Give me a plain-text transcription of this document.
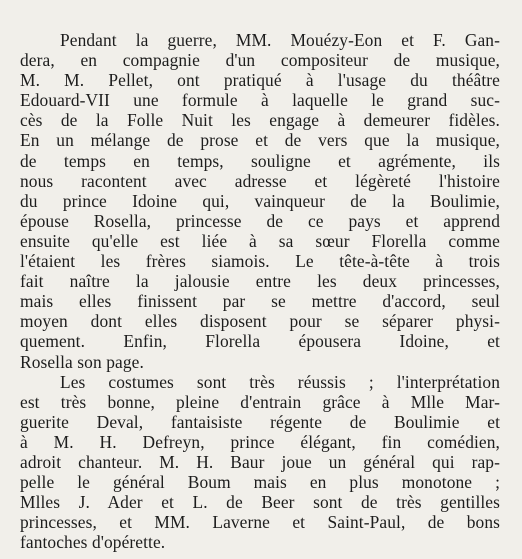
Pendant la guerre, MM. Mouézy-Eon et F. Gan-
dera, en compagnie d'un compositeur de musique,
M. M. Pellet, ont pratiqué à l'usage du théâtre
Edouard-VII une formule à laquelle le grand suc-
cès de la Folle Nuit les engage à demeurer fidèles.
En un mélange de prose et de vers que la musique,
de temps en temps, souligne et agrémente, ils
nous racontent avec adresse et légèreté l'histoire
du prince Idoine qui, vainqueur de la Boulimie,
épouse Rosella, princesse de ce pays et apprend
ensuite qu'elle est liée à sa sœur Florella comme
l'étaient les frères siamois. Le tête-à-tête à trois
fait naître la jalousie entre les deux princesses,
mais elles finissent par se mettre d'accord, seul
moyen dont elles disposent pour se séparer physi-
quement. Enfin, Florella épousera Idoine, et
Rosella son page.
Les costumes sont très réussis ; l'interprétation
est très bonne, pleine d'entrain grâce à Mlle Mar-
guerite Deval, fantaisiste régente de Boulimie et
à M. H. Defreyn, prince élégant, fin comédien,
adroit chanteur. M. H. Baur joue un général qui rap-
pelle le général Boum mais en plus monotone ;
Mlles J. Ader et L. de Beer sont de très gentilles
princesses, et MM. Laverne et Saint-Paul, de bons
fantoches d'opérette.
